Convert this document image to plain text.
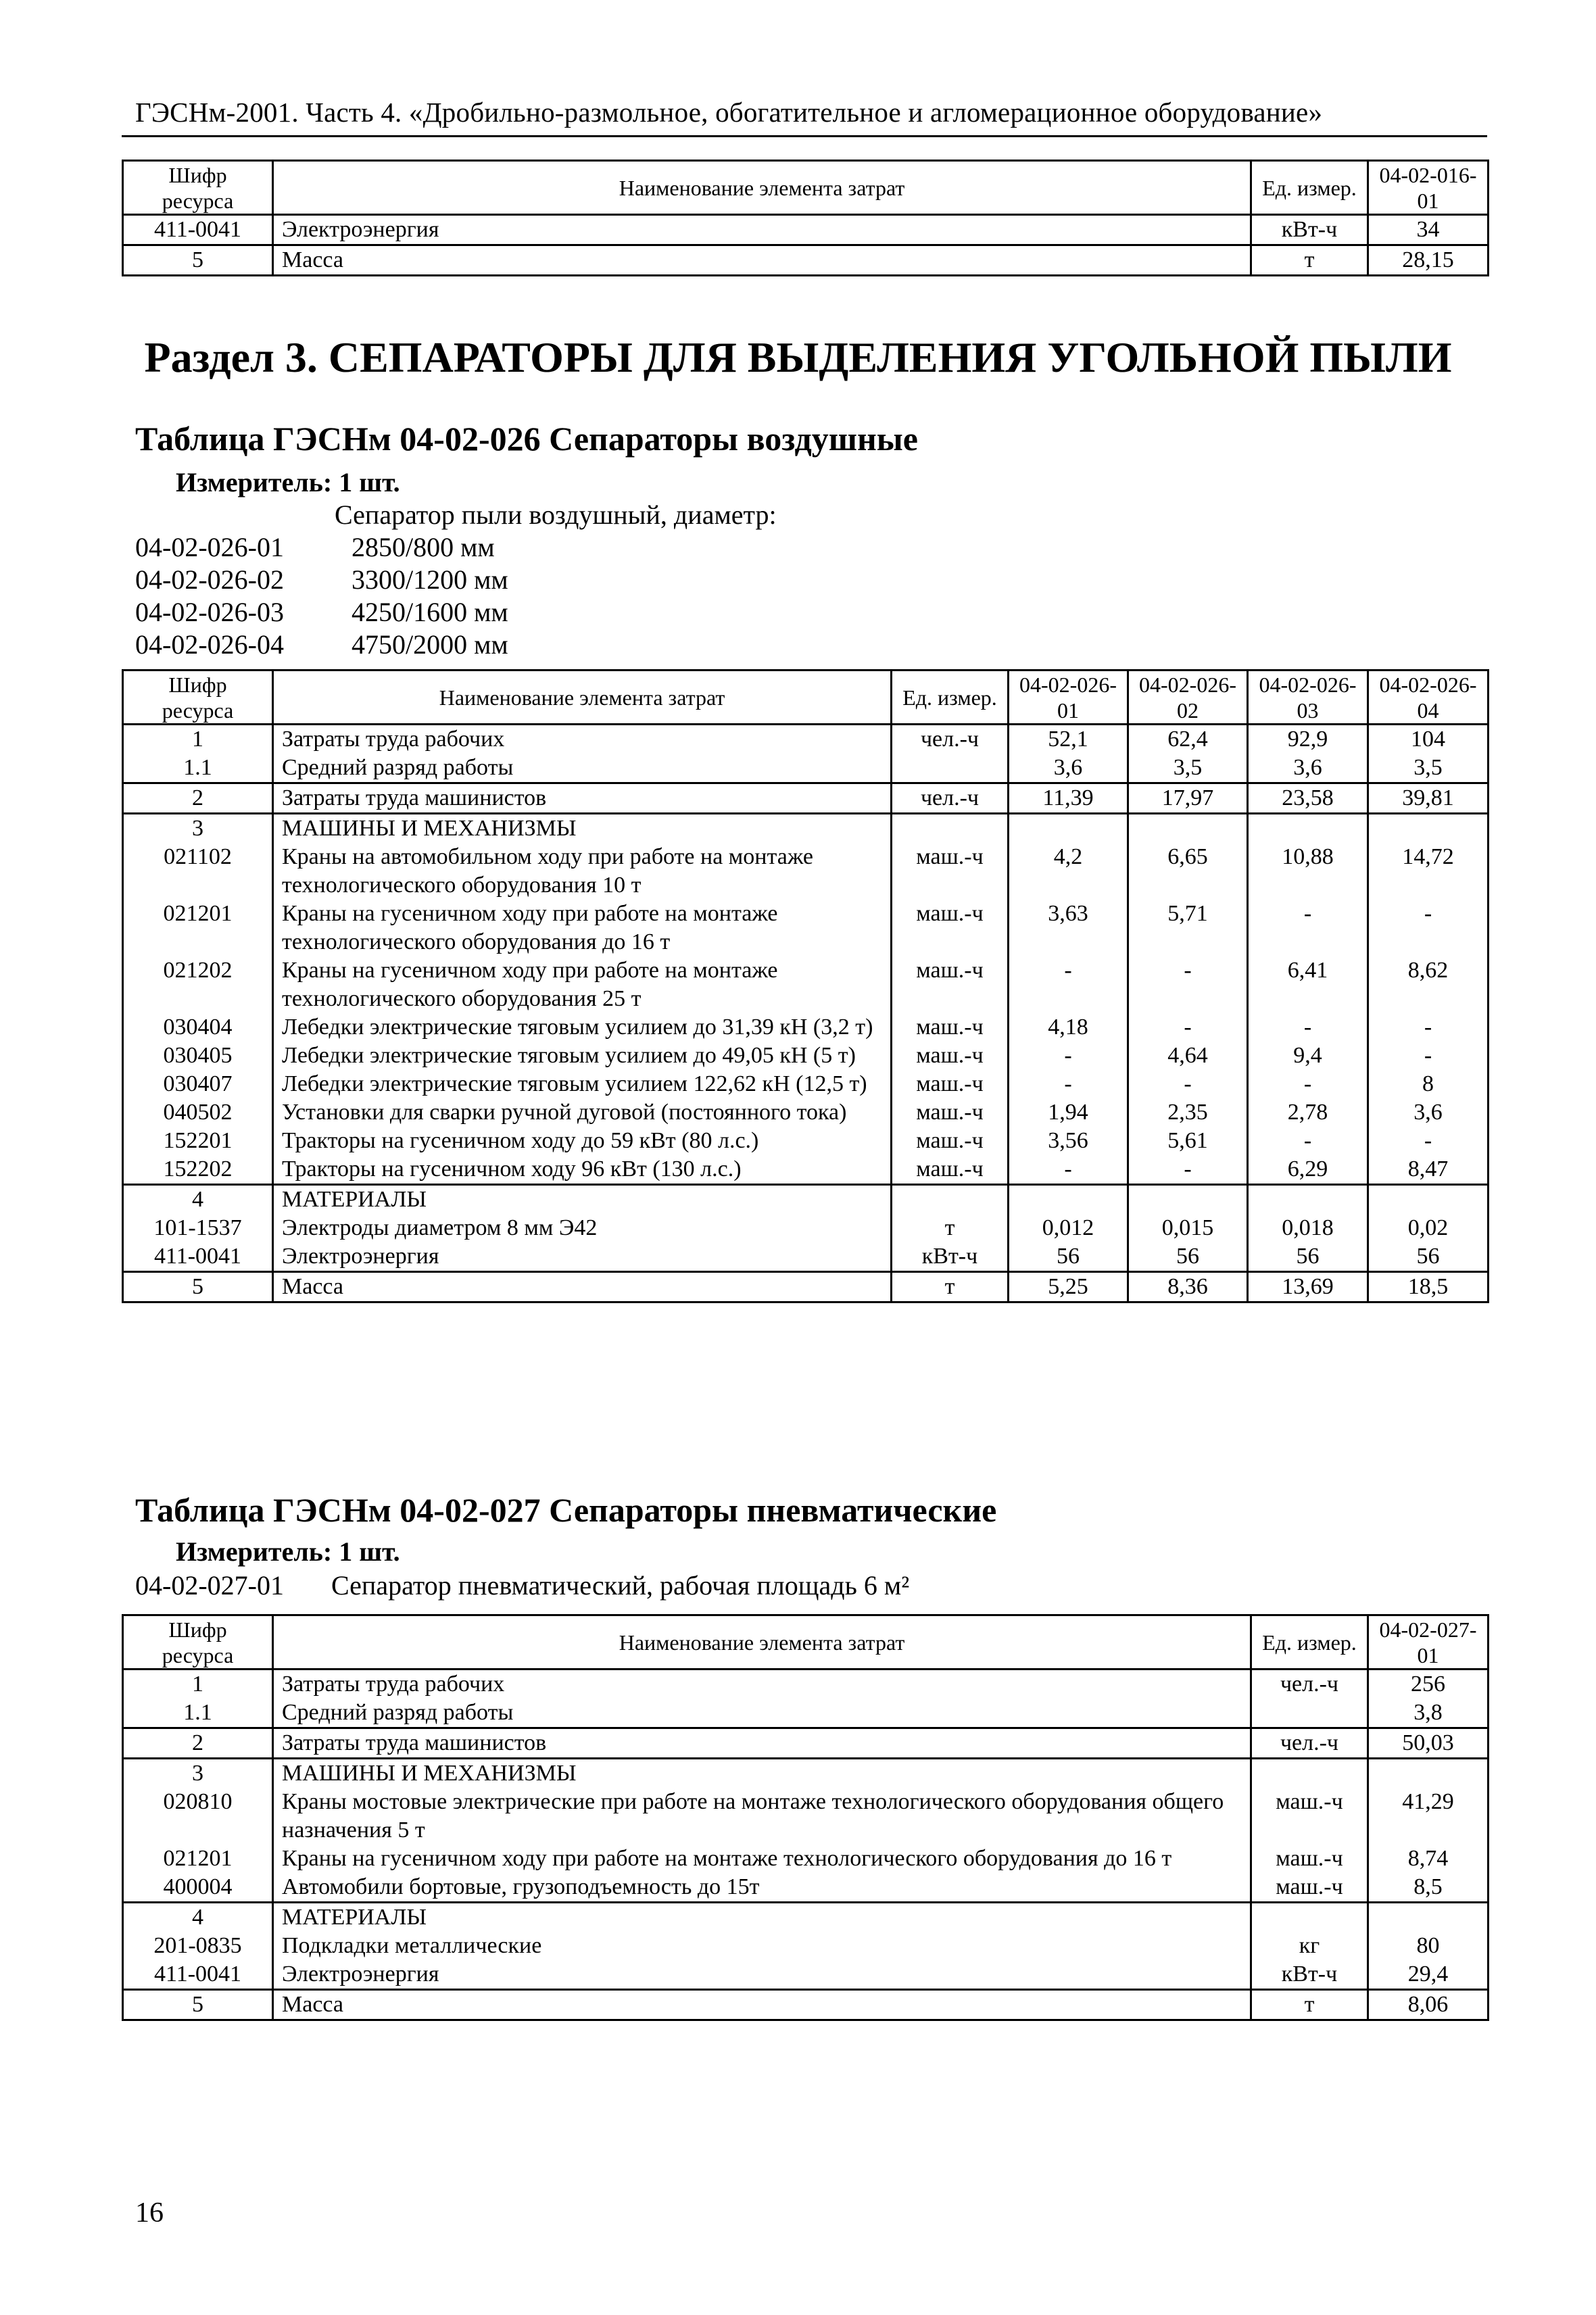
ГЭСНм-2001. Часть 4. «Дробильно-размольное, обогатительное и агломерационное оборудование»
Шифр ресурса	Наименование элемента затрат	Ед. измер.	04-02-016-01
411-0041	Электроэнергия	кВт-ч	34
5	Масса	т	28,15
Раздел 3. СЕПАРАТОРЫ ДЛЯ ВЫДЕЛЕНИЯ УГОЛЬНОЙ ПЫЛИ
Таблица ГЭСНм 04-02-026 Сепараторы воздушные
Измеритель: 1 шт.
Сепаратор пыли воздушный, диаметр:
04-02-026-01	2850/800 мм
04-02-026-02	3300/1200 мм
04-02-026-03	4250/1600 мм
04-02-026-04	4750/2000 мм
Шифр ресурса	Наименование элемента затрат	Ед. измер.	04-02-026-01	04-02-026-02	04-02-026-03	04-02-026-04
1	Затраты труда рабочих	чел.-ч	52,1	62,4	92,9	104
1.1	Средний разряд работы		3,6	3,5	3,6	3,5
2	Затраты труда машинистов	чел.-ч	11,39	17,97	23,58	39,81
3	МАШИНЫ И МЕХАНИЗМЫ					
021102	Краны на автомобильном ходу при работе на монтаже технологического оборудования 10 т	маш.-ч	4,2	6,65	10,88	14,72
021201	Краны на гусеничном ходу при работе на монтаже технологического оборудования до 16 т	маш.-ч	3,63	5,71	-	-
021202	Краны на гусеничном ходу при работе на монтаже технологического оборудования 25 т	маш.-ч	-	-	6,41	8,62
030404	Лебедки электрические тяговым усилием до 31,39 кН (3,2 т)	маш.-ч	4,18	-	-	-
030405	Лебедки электрические тяговым усилием до 49,05 кН (5 т)	маш.-ч	-	4,64	9,4	-
030407	Лебедки электрические тяговым усилием 122,62 кН (12,5 т)	маш.-ч	-	-	-	8
040502	Установки для сварки ручной дуговой (постоянного тока)	маш.-ч	1,94	2,35	2,78	3,6
152201	Тракторы на гусеничном ходу до 59 кВт (80 л.с.)	маш.-ч	3,56	5,61	-	-
152202	Тракторы на гусеничном ходу 96 кВт (130 л.с.)	маш.-ч	-	-	6,29	8,47
4	МАТЕРИАЛЫ					
101-1537	Электроды диаметром 8 мм Э42	т	0,012	0,015	0,018	0,02
411-0041	Электроэнергия	кВт-ч	56	56	56	56
5	Масса	т	5,25	8,36	13,69	18,5
Таблица ГЭСНм 04-02-027 Сепараторы пневматические
Измеритель: 1 шт.
04-02-027-01 Сепаратор пневматический, рабочая площадь 6 м²
Шифр ресурса	Наименование элемента затрат	Ед. измер.	04-02-027-01
1	Затраты труда рабочих	чел.-ч	256
1.1	Средний разряд работы		3,8
2	Затраты труда машинистов	чел.-ч	50,03
3	МАШИНЫ И МЕХАНИЗМЫ		
020810	Краны мостовые электрические при работе на монтаже технологического оборудования общего назначения 5 т	маш.-ч	41,29
021201	Краны на гусеничном ходу при работе на монтаже технологического оборудования до 16 т	маш.-ч	8,74
400004	Автомобили бортовые, грузоподъемность до 15т	маш.-ч	8,5
4	МАТЕРИАЛЫ		
201-0835	Подкладки металлические	кг	80
411-0041	Электроэнергия	кВт-ч	29,4
5	Масса	т	8,06
16
